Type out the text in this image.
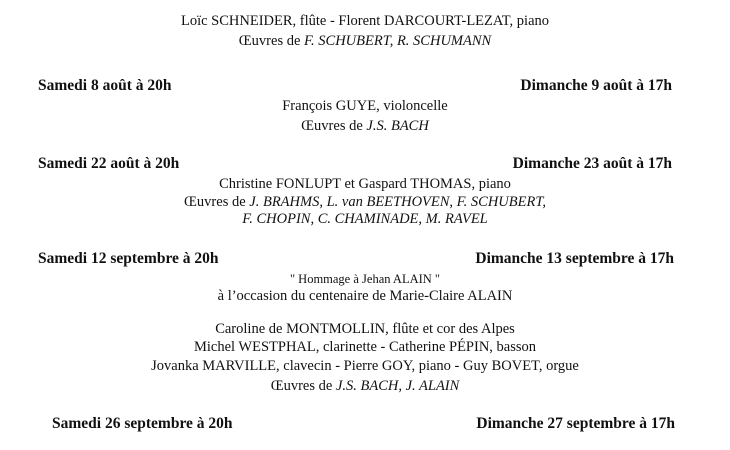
Loïc SCHNEIDER, flûte - Florent DARCOURT-LEZAT, piano
Œuvres de F. SCHUBERT, R. SCHUMANN
Samedi 8 août à 20h	Dimanche 9 août à 17h
François GUYE, violoncelle
Œuvres de J.S. BACH
Samedi 22 août à 20h	Dimanche 23 août à 17h
Christine FONLUPT et Gaspard THOMAS, piano
Œuvres de J. BRAHMS, L. van BEETHOVEN, F. SCHUBERT,
F. CHOPIN, C. CHAMINADE, M. RAVEL
Samedi 12 septembre à 20h	Dimanche 13 septembre à 17h
" Hommage à Jehan ALAIN "
à l’occasion du centenaire de Marie-Claire ALAIN
Caroline de MONTMOLLIN, flûte et cor des Alpes
Michel WESTPHAL, clarinette - Catherine PÉPIN, basson
Jovanka MARVILLE, clavecin - Pierre GOY, piano - Guy BOVET, orgue
Œuvres de J.S. BACH, J. ALAIN
Samedi 26 septembre à 20h	Dimanche 27 septembre à 17h
